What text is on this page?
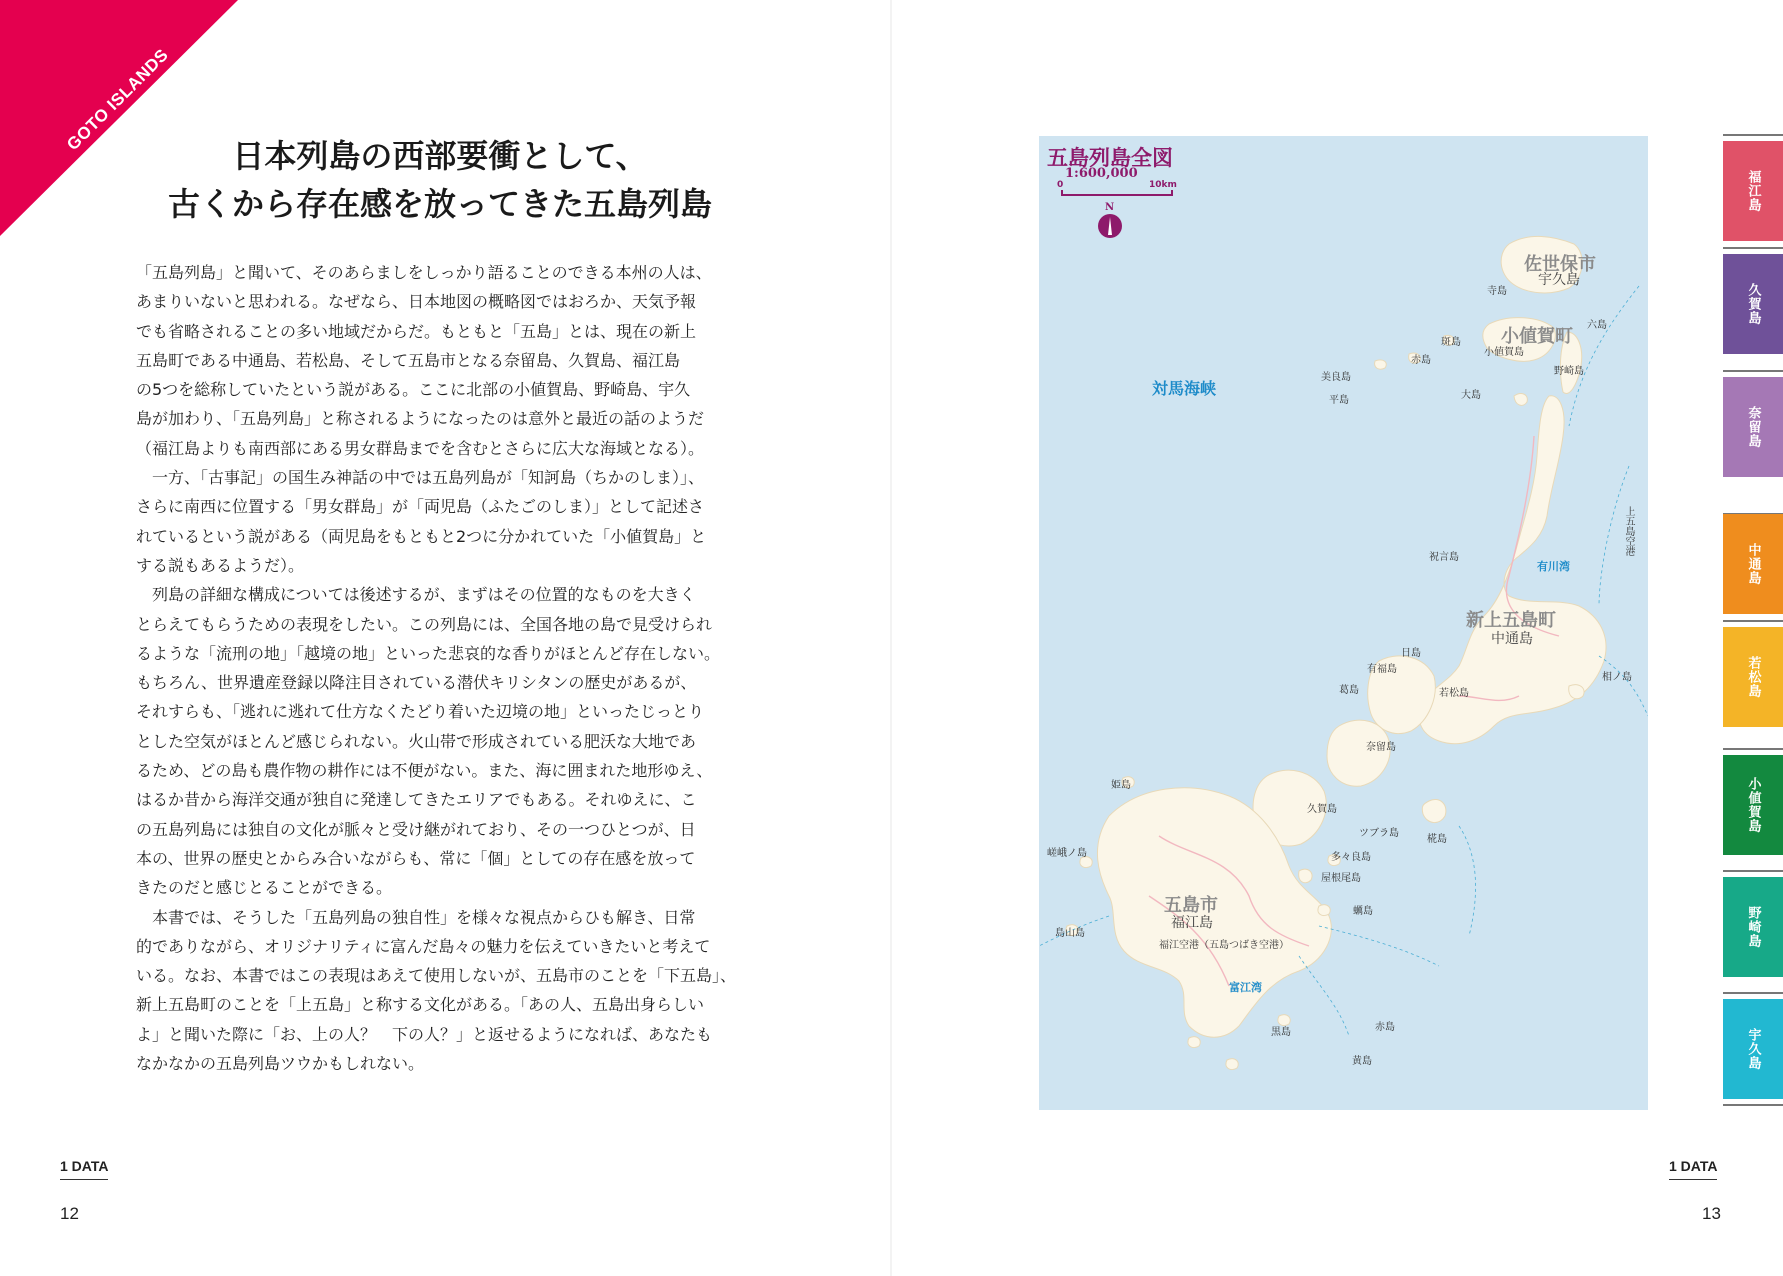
GOTO ISLANDS
日本列島の西部要衝として、
古くから存在感を放ってきた五島列島

「五島列島」と聞いて、そのあらましをしっかり語ることのできる本州の人は、

あまりいないと思われる。なぜなら、日本地図の概略図ではおろか、天気予報

でも省略されることの多い地域だからだ。もともと「五島」とは、現在の新上

五島町である中通島、若松島、そして五島市となる奈留島、久賀島、福江島

の5つを総称していたという説がある。ここに北部の小値賀島、野崎島、宇久

島が加わり、「五島列島」と称されるようになったのは意外と最近の話のようだ

（福江島よりも南西部にある男女群島までを含むとさらに広大な海域となる）。

　一方、「古事記」の国生み神話の中では五島列島が「知訶島（ちかのしま）」、

さらに南西に位置する「男女群島」が「両児島（ふたごのしま）」として記述さ

れているという説がある（両児島をもともと2つに分かれていた「小値賀島」と

する説もあるようだ）。

　列島の詳細な構成については後述するが、まずはその位置的なものを大きく

とらえてもらうための表現をしたい。この列島には、全国各地の島で見受けられ

るような「流刑の地」「越境の地」といった悲哀的な香りがほとんど存在しない。

もちろん、世界遺産登録以降注目されている潜伏キリシタンの歴史があるが、

それすらも、「逃れに逃れて仕方なくたどり着いた辺境の地」といったじっとり

とした空気がほとんど感じられない。火山帯で形成されている肥沃な大地であ

るため、どの島も農作物の耕作には不便がない。また、海に囲まれた地形ゆえ、

はるか昔から海洋交通が独自に発達してきたエリアでもある。それゆえに、こ

の五島列島には独自の文化が脈々と受け継がれており、その一つひとつが、日

本の、世界の歴史とからみ合いながらも、常に「個」としての存在感を放って

きたのだと感じとることができる。

　本書では、そうした「五島列島の独自性」を様々な視点からひも解き、日常

的でありながら、オリジナリティに富んだ島々の魅力を伝えていきたいと考えて

いる。なお、本書ではこの表現はあえて使用しないが、五島市のことを「下五島」、

新上五島町のことを「上五島」と称する文化がある。「あの人、五島出身らしい

よ」と聞いた際に「お、上の人？　下の人？」と返せるようになれば、あなたも

なかなかの五島列島ツウかもしれない。

1 DATA
12
1 DATA
13
五島列島全図
1:600,000
0	10km
N
対馬海峡
佐世保市
宇久島
小値賀町
小値賀島
新上五島町
中通島
五島市
福江島
寺島
六島
斑島
赤島
野崎島
大島
美良島
平島
祝言島
上五島空港
日島
有福島
葛島	若松島
相ノ島
奈留島
姫島
久賀島
ツブラ島
椛島
多々良島
屋根尾島
嵯峨ノ島
島山島
蠣島
福江空港（五島つばき空港）
赤島
黒島
黄島
有川湾
富江湾
福江島
久賀島
奈留島
中通島
若松島
小値賀島
野崎島
宇久島
